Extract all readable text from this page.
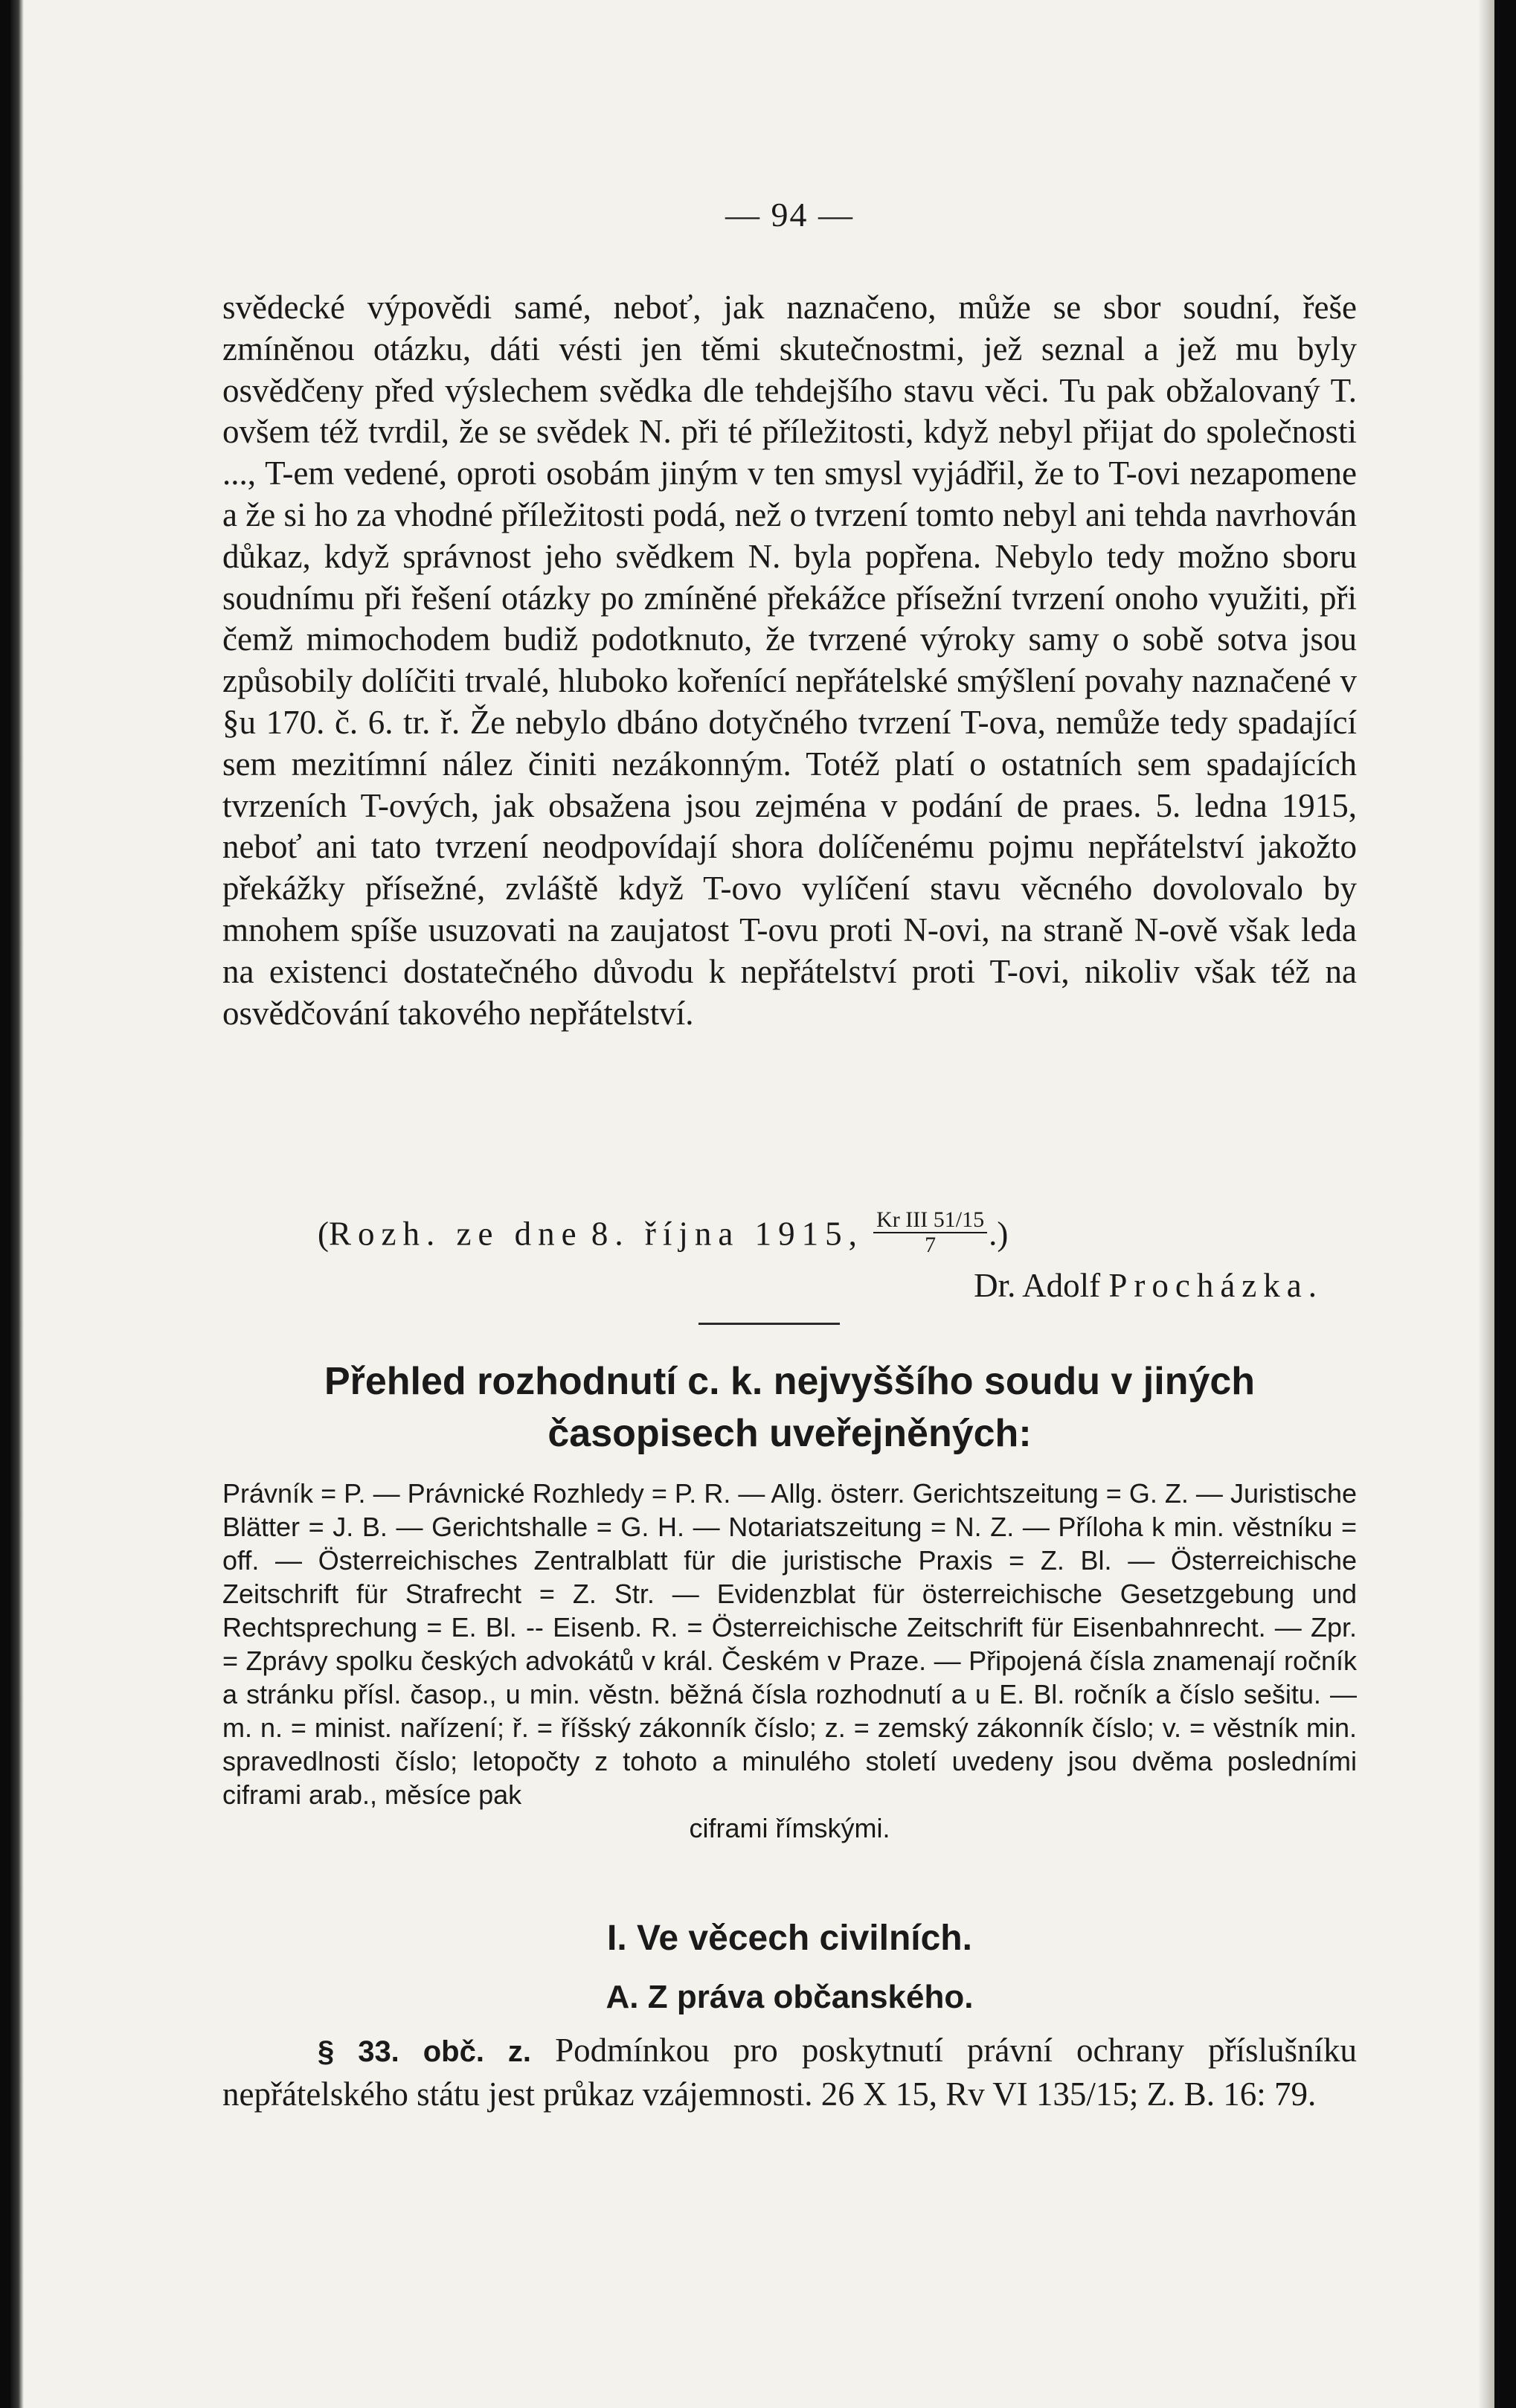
— 94 —

svědecké výpovědi samé, neboť, jak naznačeno, může se sbor soudní, řeše zmíněnou otázku, dáti vésti jen těmi skutečnostmi, jež seznal a jež mu byly osvědčeny před výslechem svědka dle tehdejšího stavu věci. Tu pak obžalovaný T. ovšem též tvrdil, že se svědek N. při té příležitosti, když nebyl přijat do společnosti ..., T-em vedené, oproti osobám jiným v ten smysl vyjádřil, že to T-ovi nezapomene a že si ho za vhodné příležitosti podá, než o tvrzení tomto nebyl ani tehda navrhován důkaz, když správnost jeho svědkem N. byla popřena. Nebylo tedy možno sboru soudnímu při řešení otázky po zmíněné překážce přísežní tvrzení onoho využiti, při čemž mimochodem budiž podotknuto, že tvrzené výroky samy o sobě sotva jsou způsobily dolíčiti trvalé, hluboko kořenící nepřátelské smýšlení povahy naznačené v §u 170. č. 6. tr. ř. Že nebylo dbáno dotyčného tvrzení T-ova, nemůže tedy spadající sem mezitímní nález činiti nezákonným. Totéž platí o ostatních sem spadajících tvrzeních T-ových, jak obsažena jsou zejména v podání de praes. 5. ledna 1915, neboť ani tato tvrzení neodpovídají shora dolíčenému pojmu nepřátelství jakožto překážky přísežné, zvláště když T-ovo vylíčení stavu věcného dovolovalo by mnohem spíše usuzovati na zaujatost T-ovu proti N-ovi, na straně N-ově však leda na existenci dostatečného důvodu k nepřátelství proti T-ovi, nikoliv však též na osvědčování takového nepřátelství.

(Rozh. ze dne 8. října 1915, $\frac{\text{Kr III 51/15}}{7}$ .)
Dr. Adolf Procházka.
Přehled rozhodnutí c. k. nejvyššího soudu v jiných
časopisech uveřejněných:
Právník = P. — Právnické Rozhledy = P. R. — Allg. österr. Gerichtszeitung = G. Z. — Juristische Blätter = J. B. — Gerichtshalle = G. H. — Notariatszeitung = N. Z. — Příloha k min. věstníku = off. — Österreichisches Zentralblatt für die juristische Praxis = Z. Bl. — Österreichische Zeitschrift für Strafrecht = Z. Str. — Evidenzblat für österreichische Gesetzgebung und Rechtsprechung = E. Bl. -- Eisenb. R. = Österreichische Zeitschrift für Eisenbahnrecht. — Zpr. = Zprávy spolku českých advokátů v král. Českém v Praze. — Připojená čísla znamenají ročník a stránku přísl. časop., u min. věstn. běžná čísla rozhodnutí a u E. Bl. ročník a číslo sešitu. — m. n. = minist. nařízení; ř. = říšský zákonník číslo; z. = zemský zákonník číslo; v. = věstník min. spravedlnosti číslo; letopočty z tohoto a minulého století uvedeny jsou dvěma posledními ciframi arab., měsíce pak
ciframi římskými.
I. Ve věcech civilních.
A. Z práva občanského.
§ 33. obč. z. Podmínkou pro poskytnutí právní ochrany příslušníku nepřátelského státu jest průkaz vzájemnosti. 26 X 15, Rv VI 135/15; Z. B. 16: 79.
